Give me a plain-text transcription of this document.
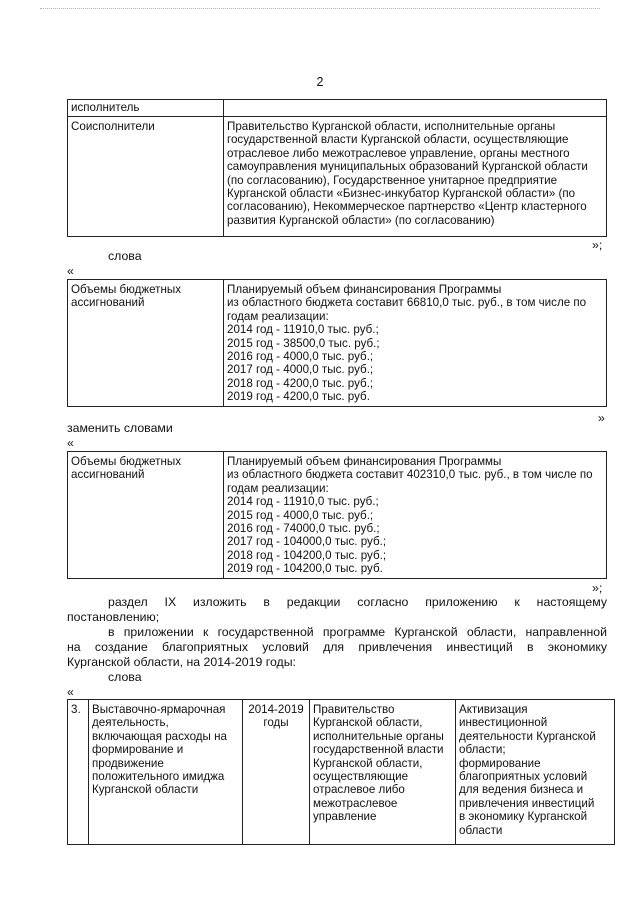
2
исполнитель
Соисполнители	Правительство Курганской области, исполнительные органы
государственной власти Курганской области, осуществляющие
отраслевое либо межотраслевое управление, органы местного
самоуправления муниципальных образований Курганской области
(по согласованию), Государственное унитарное предприятие
Курганской области «Бизнес-инкубатор Курганской области» (по
согласованию), Некоммерческое партнерство «Центр кластерного
развития Курганской области» (по согласованию)
»;
слова
«
Объемы бюджетных
ассигнований
Планируемый объем финансирования Программы
из областного бюджета составит 66810,0 тыс. руб., в том числе по
годам реализации:
2014 год - 11910,0 тыс. руб.;
2015 год - 38500,0 тыс. руб.;
2016 год - 4000,0 тыс. руб.;
2017 год - 4000,0 тыс. руб.;
2018 год - 4200,0 тыс. руб.;
2019 год - 4200,0 тыс. руб.
»
заменить словами
«
Объемы бюджетных
ассигнований
Планируемый объем финансирования Программы
из областного бюджета составит 402310,0 тыс. руб., в том числе по
годам реализации:
2014 год - 11910,0 тыс. руб.;
2015 год - 4000,0 тыс. руб.;
2016 год - 74000,0 тыс. руб.;
2017 год - 104000,0 тыс. руб.;
2018 год - 104200,0 тыс. руб.;
2019 год - 104200,0 тыс. руб.
»;
раздел IX изложить в редакции согласно приложению к настоящему
постановлению;
в приложении к государственной программе Курганской области, направленной
на создание благоприятных условий для привлечения инвестиций в экономику
Курганской области, на 2014-2019 годы:
слова
«
3. Выставочно-ярмарочная
деятельность,
включающая расходы на
формирование и
продвижение
положительного имиджа
Курганской области
2014-2019
годы
Правительство
Курганской области,
исполнительные органы
государственной власти
Курганской области,
осуществляющие
отраслевое либо
межотраслевое
управление
Активизация
инвестиционной
деятельности Курганской
области;
формирование
благоприятных условий
для ведения бизнеса и
привлечения инвестиций
в экономику Курганской
области
